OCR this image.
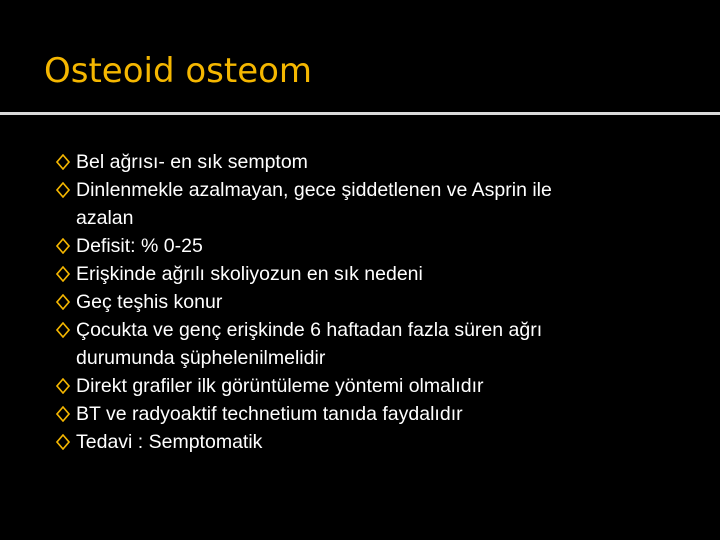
Osteoid osteom
Bel ağrısı- en sık semptom
Dinlenmekle azalmayan, gece şiddetlenen ve Asprin ile
azalan
Defisit: % 0-25
Erişkinde ağrılı skoliyozun en sık nedeni
Geç teşhis konur
Çocukta ve genç erişkinde 6 haftadan fazla süren ağrı
durumunda şüphelenilmelidir
Direkt grafiler ilk görüntüleme yöntemi olmalıdır
BT ve radyoaktif technetium tanıda faydalıdır
Tedavi : Semptomatik
